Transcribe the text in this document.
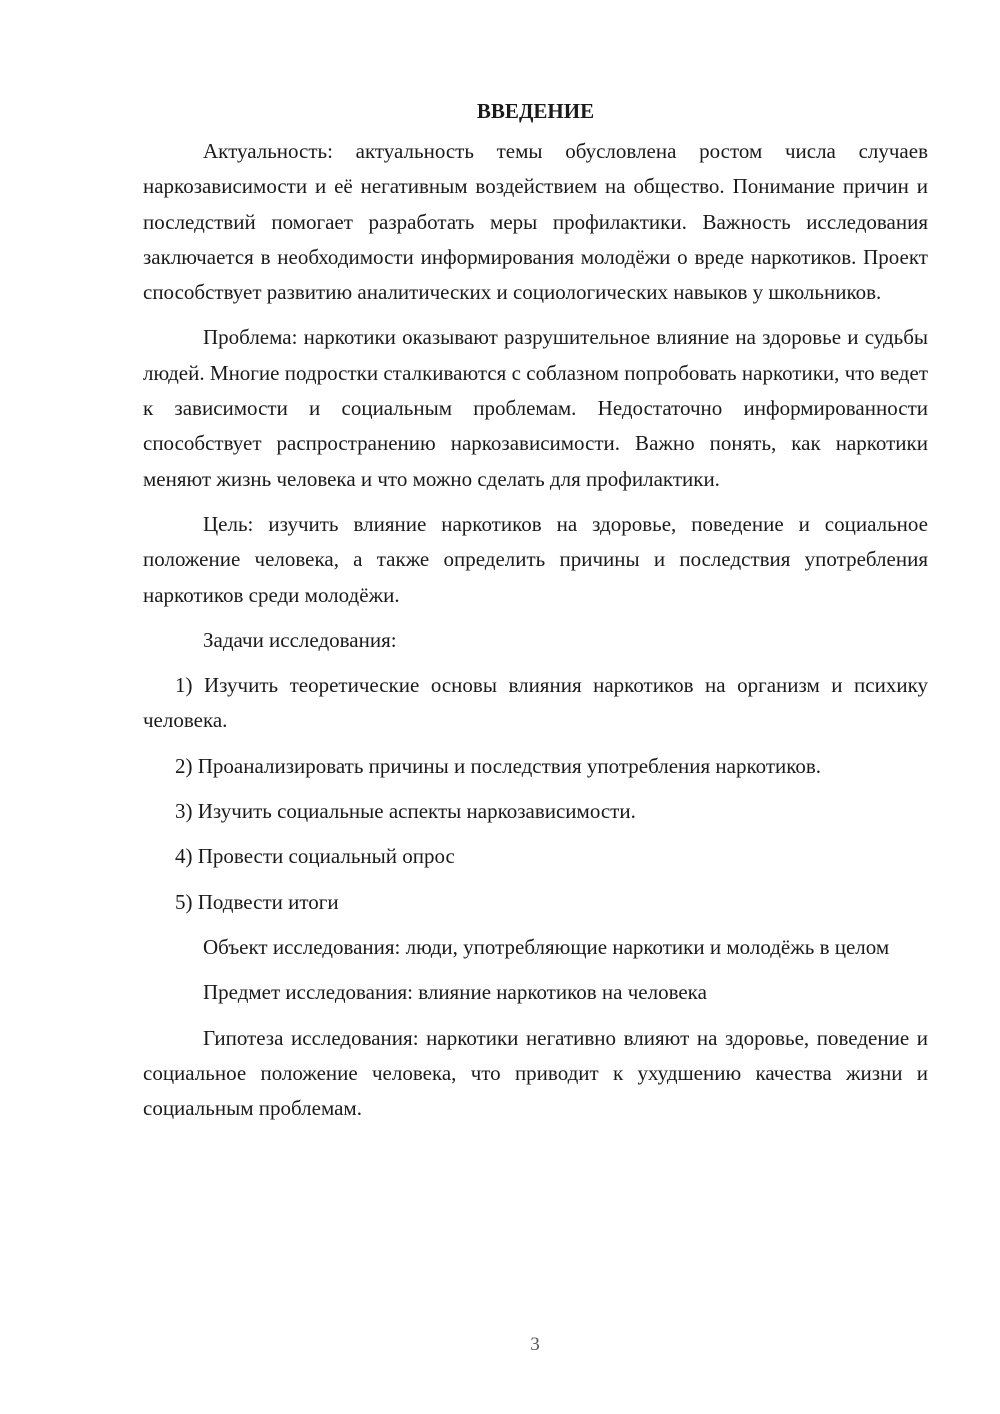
ВВЕДЕНИЕ

Актуальность: актуальность темы обусловлена ростом числа случаев наркозависимости и её негативным воздействием на общество. Понимание причин и последствий помогает разработать меры профилактики. Важность исследования заключается в необходимости информирования молодёжи о вреде наркотиков. Проект способствует развитию аналитических и социологических навыков у школьников.

Проблема: наркотики оказывают разрушительное влияние на здоровье и судьбы людей. Многие подростки сталкиваются с соблазном попробовать наркотики, что ведет к зависимости и социальным проблемам. Недостаточно информированности способствует распространению наркозависимости. Важно понять, как наркотики меняют жизнь человека и что можно сделать для профилактики.

Цель: изучить влияние наркотиков на здоровье, поведение и социальное положение человека, а также определить причины и последствия употребления наркотиков среди молодёжи.

Задачи исследования:

1) Изучить теоретические основы влияния наркотиков на организм и психику человека.

2) Проанализировать причины и последствия употребления наркотиков.

3) Изучить социальные аспекты наркозависимости.

4) Провести социальный опрос

5) Подвести итоги

Объект исследования: люди, употребляющие наркотики и молодёжь в целом

Предмет исследования: влияние наркотиков на человека

Гипотеза исследования: наркотики негативно влияют на здоровье, поведение и социальное положение человека, что приводит к ухудшению качества жизни и социальным проблемам.

3
